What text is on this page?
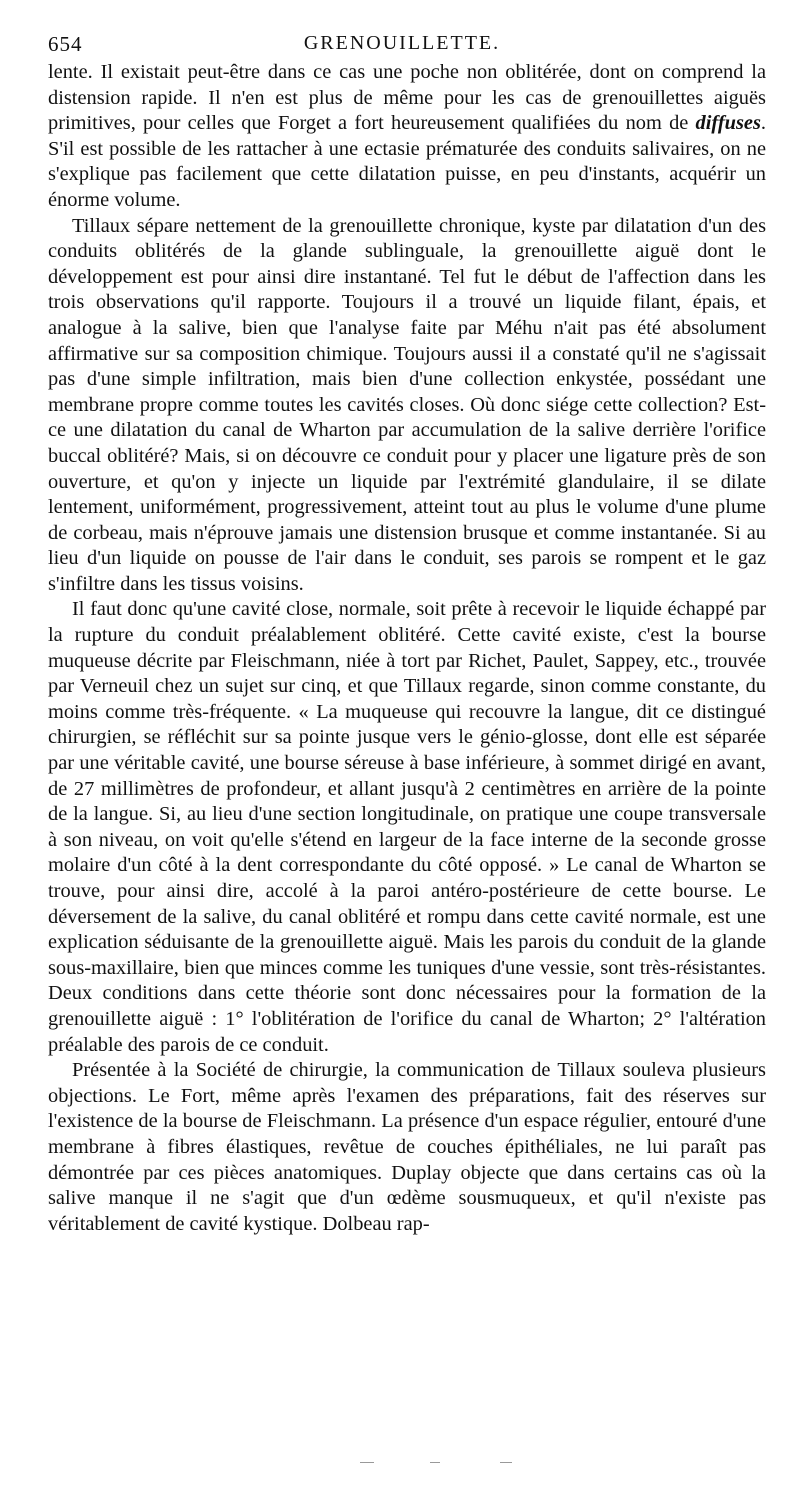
654	GRENOUILLETTE.

lente. Il existait peut-être dans ce cas une poche non oblitérée, dont on comprend la distension rapide. Il n'en est plus de même pour les cas de grenouillettes aiguës primitives, pour celles que Forget a fort heureusement qualifiées du nom de diffuses. S'il est possible de les rattacher à une ectasie prématurée des conduits salivaires, on ne s'explique pas facilement que cette dilatation puisse, en peu d'instants, acquérir un énorme volume.

Tillaux sépare nettement de la grenouillette chronique, kyste par dilatation d'un des conduits oblitérés de la glande sublinguale, la grenouillette aiguë dont le développement est pour ainsi dire instantané. Tel fut le début de l'affection dans les trois observations qu'il rapporte. Toujours il a trouvé un liquide filant, épais, et analogue à la salive, bien que l'analyse faite par Méhu n'ait pas été absolument affirmative sur sa composition chimique. Toujours aussi il a constaté qu'il ne s'agissait pas d'une simple infiltration, mais bien d'une collection enkystée, possédant une membrane propre comme toutes les cavités closes. Où donc siége cette collection? Est-ce une dilatation du canal de Wharton par accumulation de la salive derrière l'orifice buccal oblitéré? Mais, si on découvre ce conduit pour y placer une ligature près de son ouverture, et qu'on y injecte un liquide par l'extrémité glandulaire, il se dilate lentement, uniformément, progressivement, atteint tout au plus le volume d'une plume de corbeau, mais n'éprouve jamais une distension brusque et comme instantanée. Si au lieu d'un liquide on pousse de l'air dans le conduit, ses parois se rompent et le gaz s'infiltre dans les tissus voisins.

Il faut donc qu'une cavité close, normale, soit prête à recevoir le liquide échappé par la rupture du conduit préalablement oblitéré. Cette cavité existe, c'est la bourse muqueuse décrite par Fleischmann, niée à tort par Richet, Paulet, Sappey, etc., trouvée par Verneuil chez un sujet sur cinq, et que Tillaux regarde, sinon comme constante, du moins comme très-fréquente. « La muqueuse qui recouvre la langue, dit ce distingué chirurgien, se réfléchit sur sa pointe jusque vers le génio-glosse, dont elle est séparée par une véritable cavité, une bourse séreuse à base inférieure, à sommet dirigé en avant, de 27 millimètres de profondeur, et allant jusqu'à 2 centimètres en arrière de la pointe de la langue. Si, au lieu d'une section longitudinale, on pratique une coupe transversale à son niveau, on voit qu'elle s'étend en largeur de la face interne de la seconde grosse molaire d'un côté à la dent correspondante du côté opposé. » Le canal de Wharton se trouve, pour ainsi dire, accolé à la paroi antéro-postérieure de cette bourse. Le déversement de la salive, du canal oblitéré et rompu dans cette cavité normale, est une explication séduisante de la grenouillette aiguë. Mais les parois du conduit de la glande sous-maxillaire, bien que minces comme les tuniques d'une vessie, sont très-résistantes. Deux conditions dans cette théorie sont donc nécessaires pour la formation de la grenouillette aiguë : 1° l'oblitération de l'orifice du canal de Wharton; 2° l'altération préalable des parois de ce conduit.

Présentée à la Société de chirurgie, la communication de Tillaux souleva plusieurs objections. Le Fort, même après l'examen des préparations, fait des réserves sur l'existence de la bourse de Fleischmann. La présence d'un espace régulier, entouré d'une membrane à fibres élastiques, revêtue de couches épithéliales, ne lui paraît pas démontrée par ces pièces anatomiques. Duplay objecte que dans certains cas où la salive manque il ne s'agit que d'un œdème sousmuqueux, et qu'il n'existe pas véritablement de cavité kystique. Dolbeau rap-
